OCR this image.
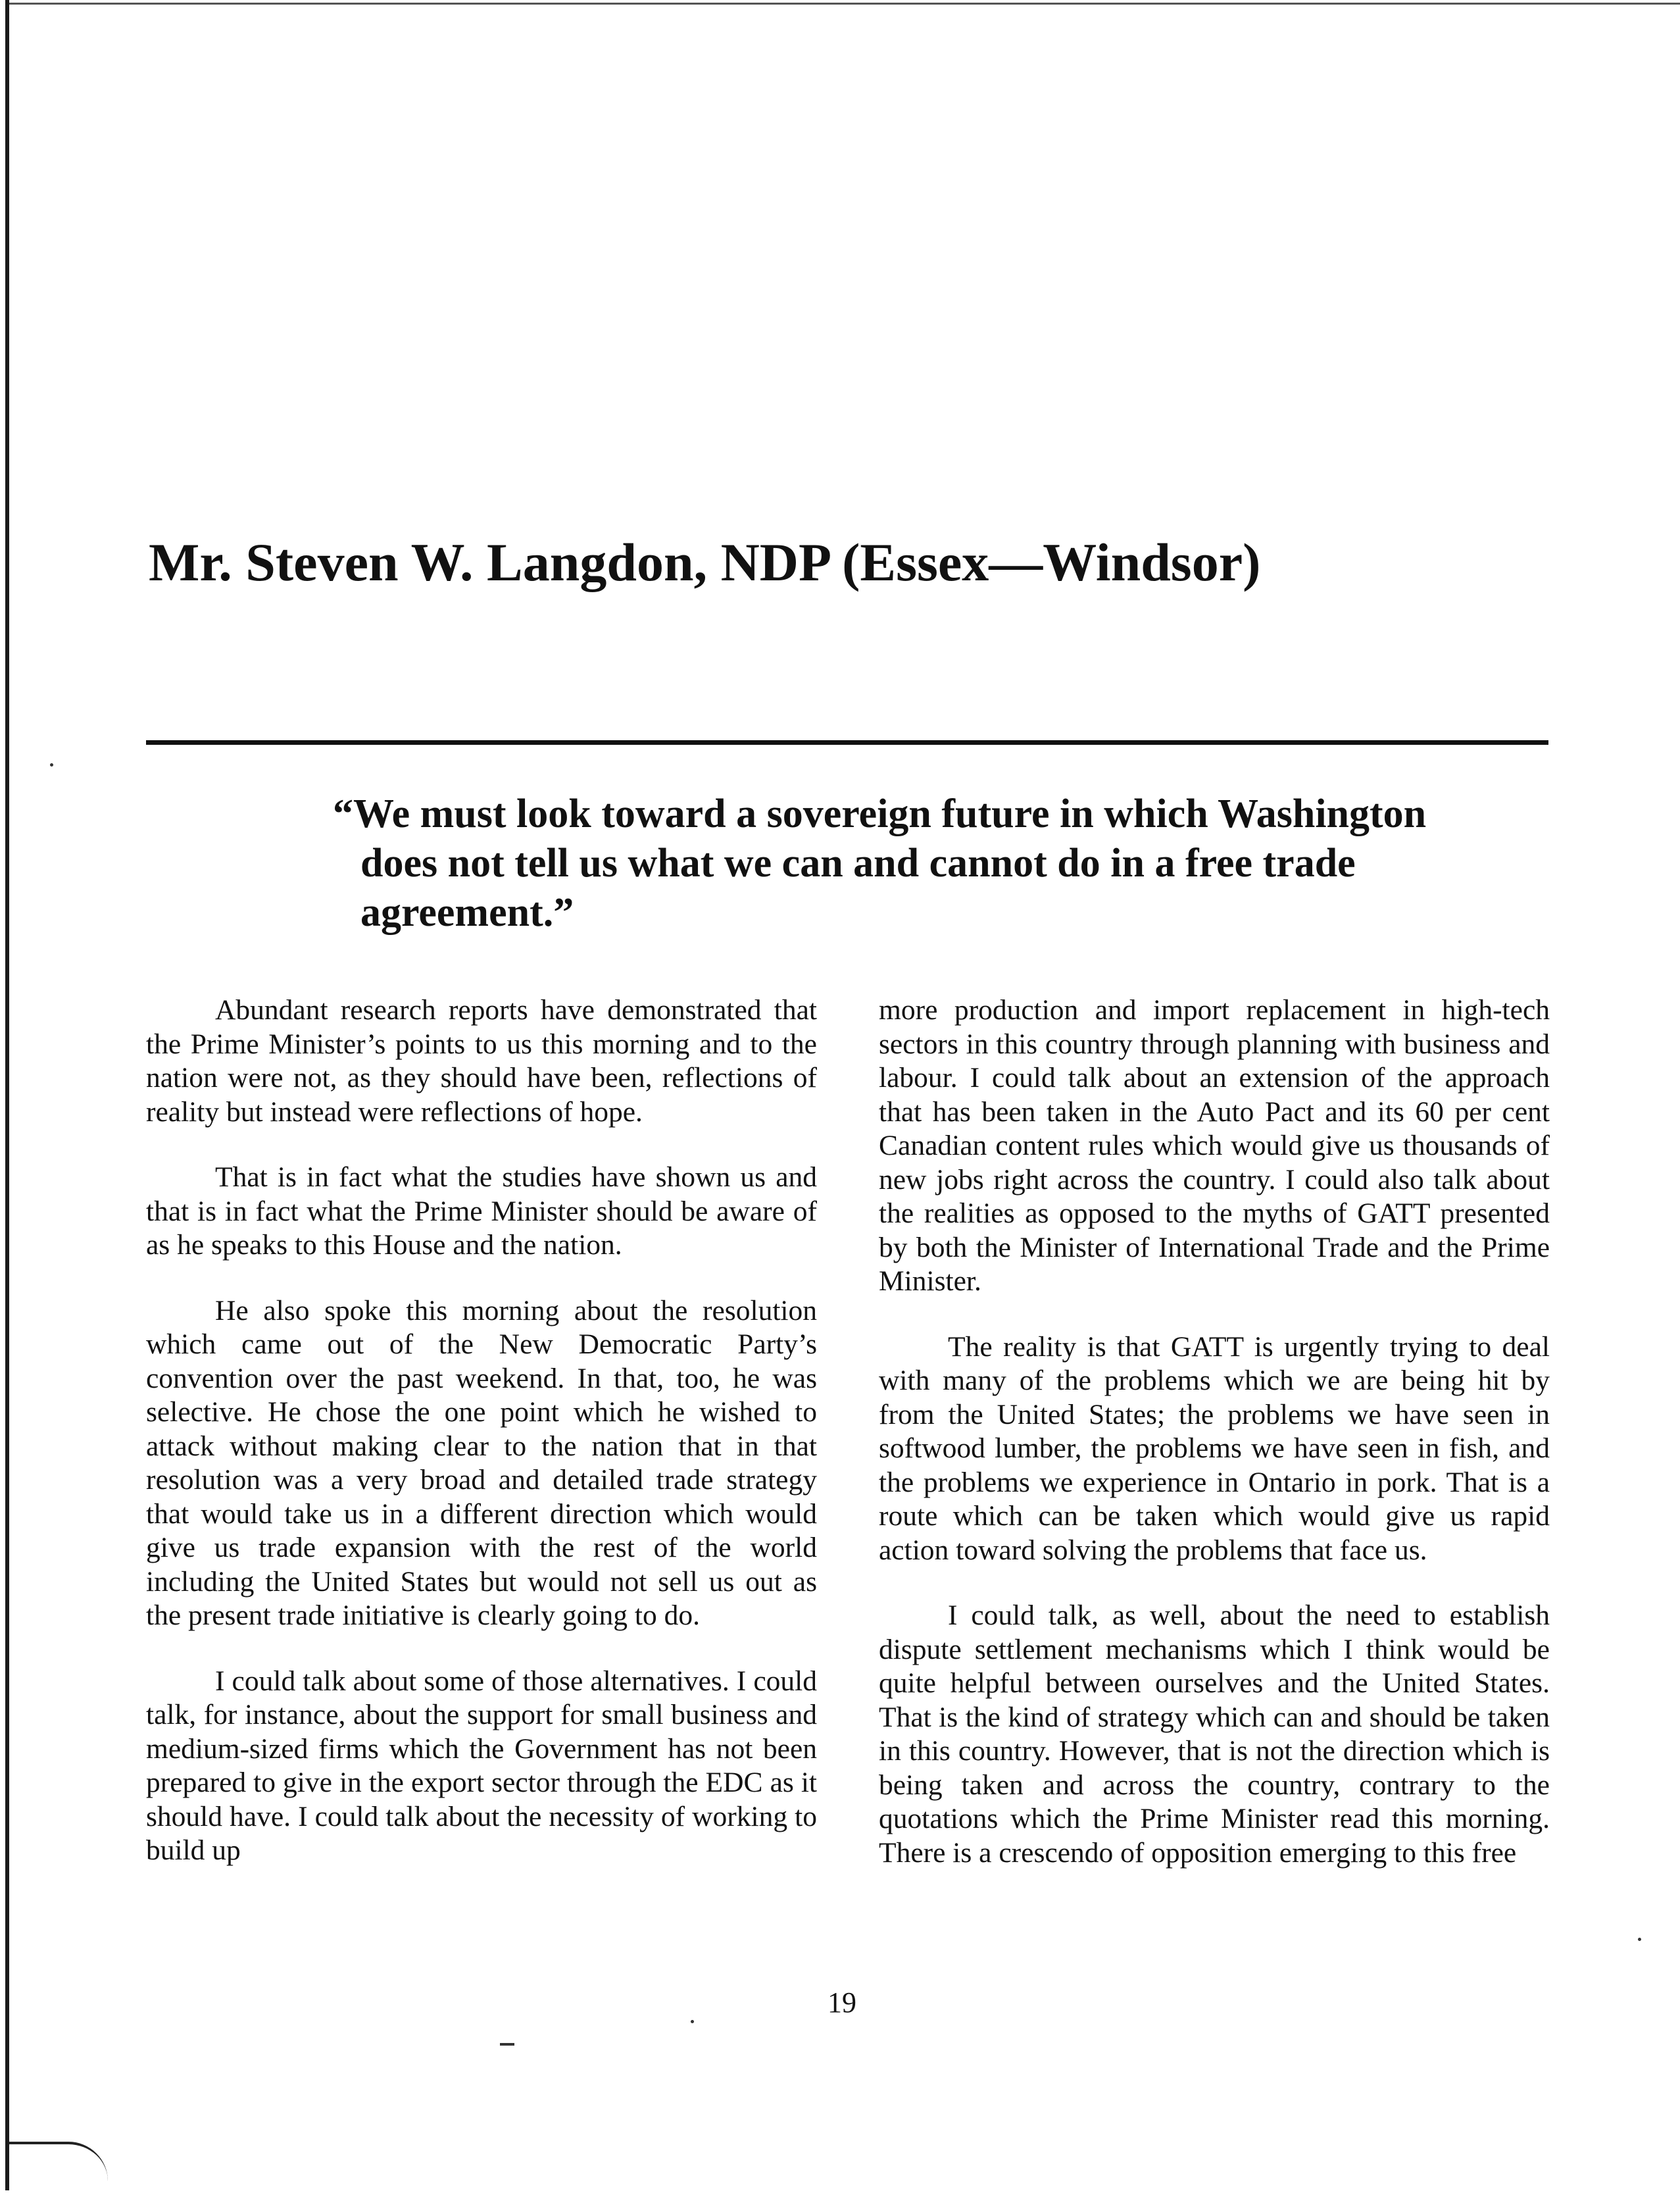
Mr. Steven W. Langdon, NDP (Essex—Windsor)

“We must look toward a sovereign future in which Washington does not tell us what we can and cannot do in a free trade agreement.”

Abundant research reports have demonstrated that the Prime Minister’s points to us this morning and to the nation were not, as they should have been, reflections of reality but instead were reflections of hope.

That is in fact what the studies have shown us and that is in fact what the Prime Minister should be aware of as he speaks to this House and the nation.

He also spoke this morning about the resolution which came out of the New Democratic Party’s convention over the past weekend. In that, too, he was selective. He chose the one point which he wished to attack without making clear to the nation that in that resolution was a very broad and detailed trade strategy that would take us in a different direction which would give us trade expansion with the rest of the world including the United States but would not sell us out as the present trade initiative is clearly going to do.

I could talk about some of those alternatives. I could talk, for instance, about the support for small business and medium-sized firms which the Government has not been prepared to give in the export sector through the EDC as it should have. I could talk about the necessity of working to build up

more production and import replacement in high-tech sectors in this country through planning with business and labour. I could talk about an extension of the approach that has been taken in the Auto Pact and its 60 per cent Canadian content rules which would give us thousands of new jobs right across the country. I could also talk about the realities as opposed to the myths of GATT presented by both the Minister of International Trade and the Prime Minister.

The reality is that GATT is urgently trying to deal with many of the problems which we are being hit by from the United States; the problems we have seen in softwood lumber, the problems we have seen in fish, and the problems we experience in Ontario in pork. That is a route which can be taken which would give us rapid action toward solving the problems that face us.

I could talk, as well, about the need to establish dispute settlement mechanisms which I think would be quite helpful between ourselves and the United States. That is the kind of strategy which can and should be taken in this country. However, that is not the direction which is being taken and across the country, contrary to the quotations which the Prime Minister read this morning. There is a crescendo of opposition emerging to this free

19
